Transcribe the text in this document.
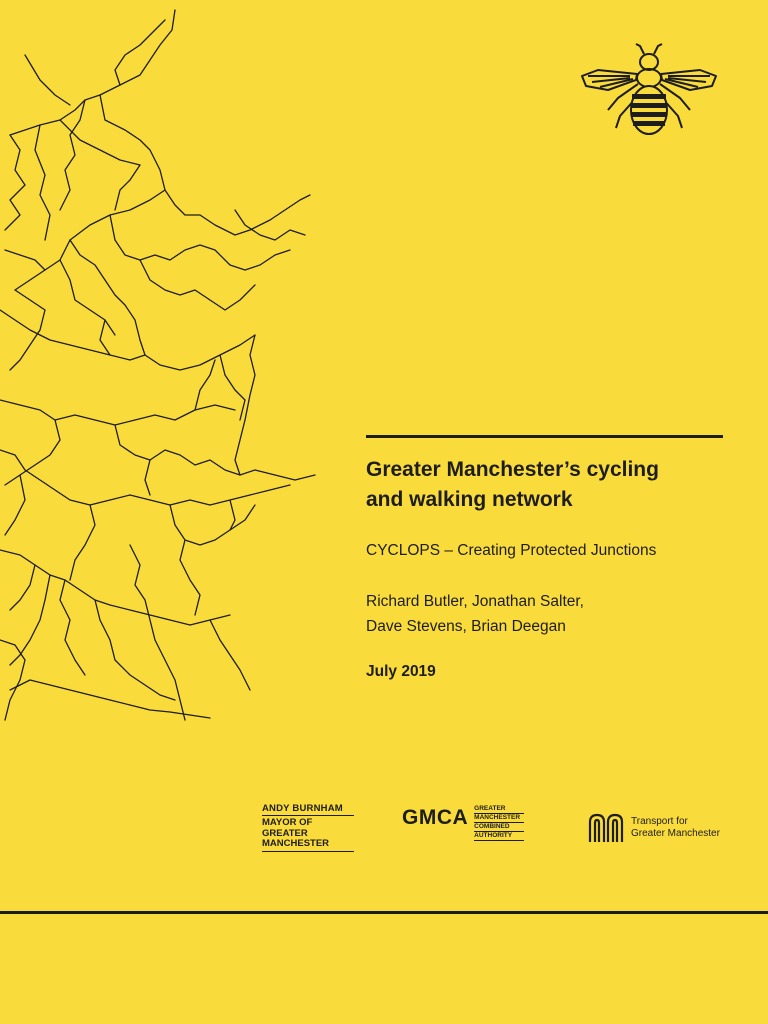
Greater Manchester’s cycling
and walking network

CYCLOPS – Creating Protected Junctions

Richard Butler, Jonathan Salter,
Dave Stevens, Brian Deegan

July 2019

ANDY BURNHAM
MAYOR OF
GREATER
MANCHESTER
GMCA GREATER
MANCHESTER
COMBINED
AUTHORITY
Transport for
Greater Manchester
